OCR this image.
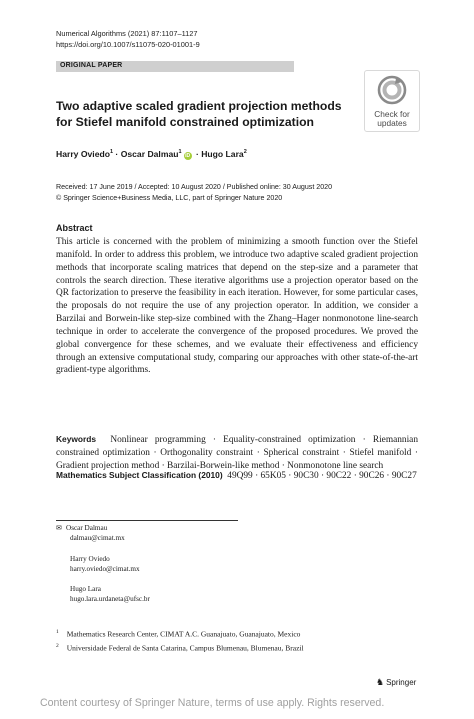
Numerical Algorithms (2021) 87:1107–1127
https://doi.org/10.1007/s11075-020-01001-9
ORIGINAL PAPER
Check for
updates
Two adaptive scaled gradient projection methods
for Stiefel manifold constrained optimization
Harry Oviedo$^1$ · Oscar Dalmau$^1$iD · Hugo Lara$^2$
Received: 17 June 2019 / Accepted: 10 August 2020 / Published online: 30 August 2020
© Springer Science+Business Media, LLC, part of Springer Nature 2020
Abstract
This article is concerned with the problem of minimizing a smooth function over the Stiefel manifold. In order to address this problem, we introduce two adaptive scaled gradient projection methods that incorporate scaling matrices that depend on the step-size and a parameter that controls the search direction. These iterative algorithms use a projection operator based on the QR factorization to preserve the feasibility in each iteration. However, for some particular cases, the proposals do not require the use of any projection operator. In addition, we consider a Barzilai and Borwein-like step-size combined with the Zhang–Hager nonmonotone line-search technique in order to accelerate the convergence of the proposed procedures. We proved the global convergence for these schemes, and we evaluate their effectiveness and efficiency through an extensive computational study, comparing our approaches with other state-of-the-art gradient-type algorithms.
Keywords Nonlinear programming · Equality-constrained optimization · Riemannian constrained optimization · Orthogonality constraint · Spherical constraint · Stiefel manifold · Gradient projection method · Barzilai-Borwein-like method · Nonmonotone line search
Mathematics Subject Classification (2010) 49Q99 · 65K05 · 90C30 · 90C22 · 90C26 · 90C27
✉ Oscar Dalmau
dalmau@cimat.mx
Harry Oviedo
harry.oviedo@cimat.mx
Hugo Lara
hugo.lara.urdaneta@ufsc.br
$^1$ Mathematics Research Center, CIMAT A.C. Guanajuato, Guanajuato, Mexico
$^2$ Universidade Federal de Santa Catarina, Campus Blumenau, Blumenau, Brazil
♞ Springer
Content courtesy of Springer Nature, terms of use apply. Rights reserved.
